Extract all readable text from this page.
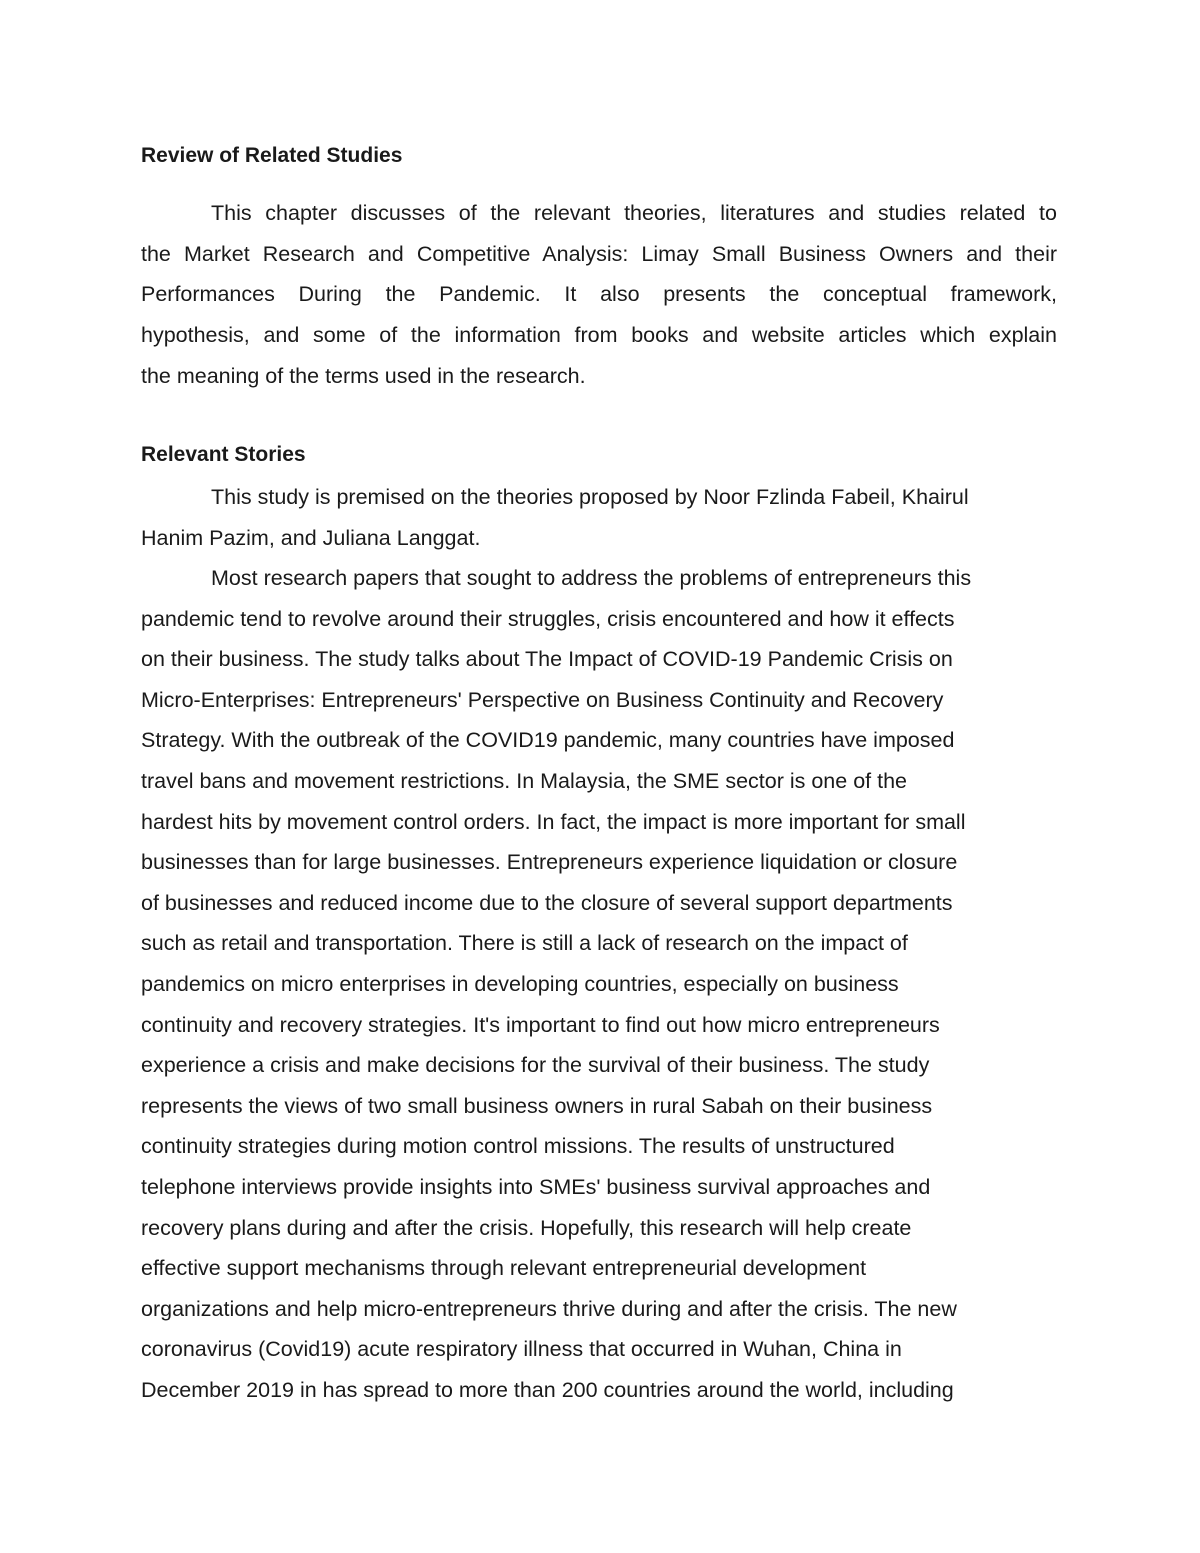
Review of Related Studies
This chapter discusses of the relevant theories, literatures and studies related to
the Market Research and Competitive Analysis: Limay Small Business Owners and their
Performances During the Pandemic. It also presents the conceptual framework,
hypothesis, and some of the information from books and website articles which explain
the meaning of the terms used in the research.
Relevant Stories
This study is premised on the theories proposed by Noor Fzlinda Fabeil, Khairul
Hanim Pazim, and Juliana Langgat.
Most research papers that sought to address the problems of entrepreneurs this
pandemic tend to revolve around their struggles, crisis encountered and how it effects
on their business. The study talks about The Impact of COVID-19 Pandemic Crisis on
Micro-Enterprises: Entrepreneurs' Perspective on Business Continuity and Recovery
Strategy. With the outbreak of the COVID19 pandemic, many countries have imposed
travel bans and movement restrictions. In Malaysia, the SME sector is one of the
hardest hits by movement control orders. In fact, the impact is more important for small
businesses than for large businesses. Entrepreneurs experience liquidation or closure
of businesses and reduced income due to the closure of several support departments
such as retail and transportation. There is still a lack of research on the impact of
pandemics on micro enterprises in developing countries, especially on business
continuity and recovery strategies. It's important to find out how micro entrepreneurs
experience a crisis and make decisions for the survival of their business. The study
represents the views of two small business owners in rural Sabah on their business
continuity strategies during motion control missions. The results of unstructured
telephone interviews provide insights into SMEs' business survival approaches and
recovery plans during and after the crisis. Hopefully, this research will help create
effective support mechanisms through relevant entrepreneurial development
organizations and help micro-entrepreneurs thrive during and after the crisis. The new
coronavirus (Covid19) acute respiratory illness that occurred in Wuhan, China in
December 2019 in has spread to more than 200 countries around the world, including
